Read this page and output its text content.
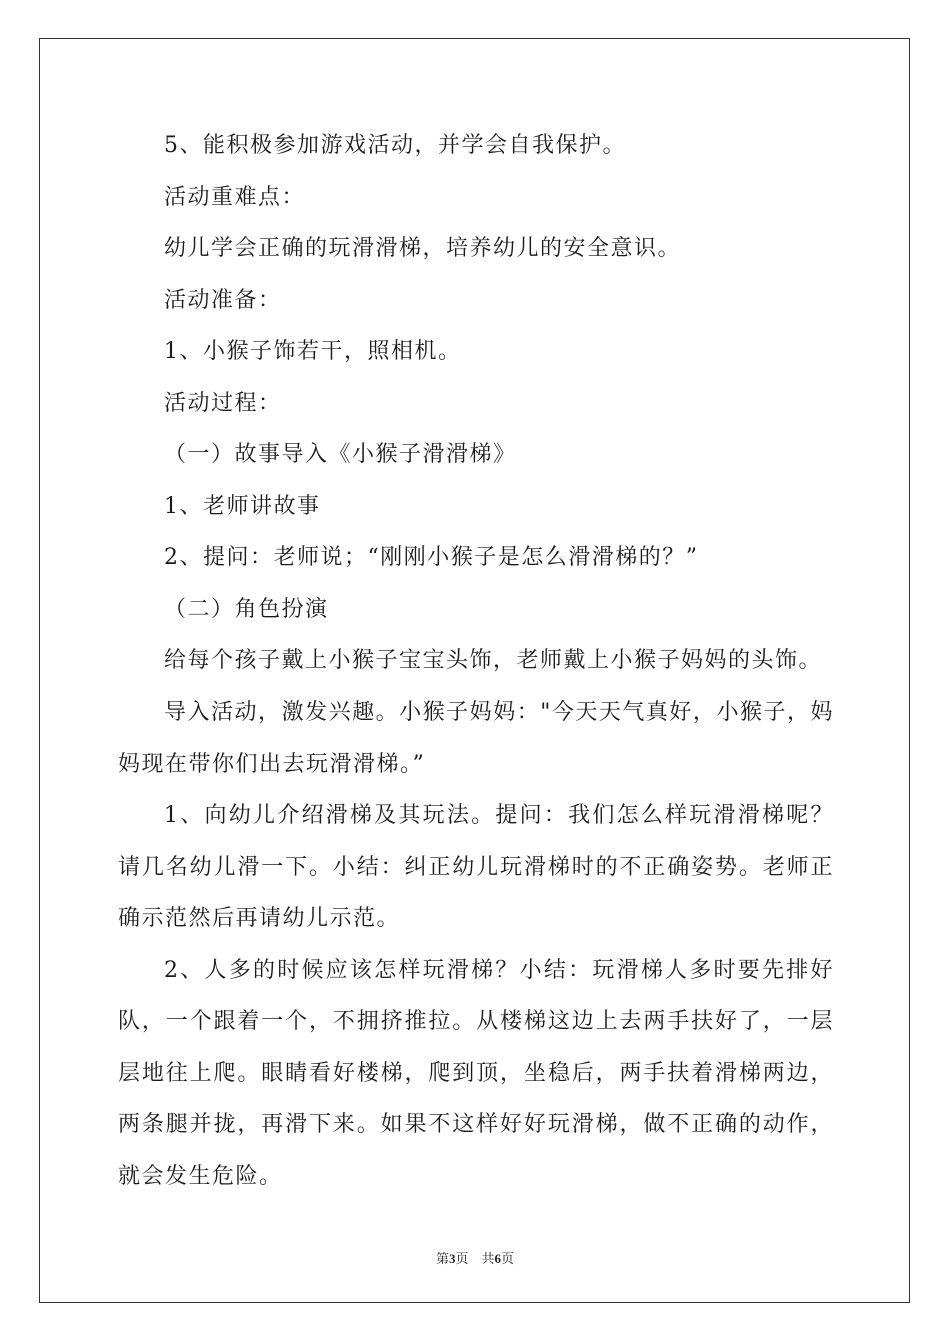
5、能积极参加游戏活动，并学会自我保护。
活动重难点：
幼儿学会正确的玩滑滑梯，培养幼儿的安全意识。
活动准备：
1、小猴子饰若干，照相机。
活动过程：
（一）故事导入《小猴子滑滑梯》
1、老师讲故事
2、提问：老师说；“刚刚小猴子是怎么滑滑梯的？”
（二）角色扮演
给每个孩子戴上小猴子宝宝头饰，老师戴上小猴子妈妈的头饰。

导入活动，激发兴趣。小猴子妈妈："今天天气真好，小猴子，妈妈现在带你们出去玩滑滑梯。”

1、向幼儿介绍滑梯及其玩法。提问：我们怎么样玩滑滑梯呢？请几名幼儿滑一下。小结：纠正幼儿玩滑梯时的不正确姿势。老师正确示范然后再请幼儿示范。

2、人多的时候应该怎样玩滑梯？小结：玩滑梯人多时要先排好队，一个跟着一个，不拥挤推拉。从楼梯这边上去两手扶好了，一层层地往上爬。眼睛看好楼梯，爬到顶，坐稳后，两手扶着滑梯两边，两条腿并拢，再滑下来。如果不这样好好玩滑梯，做不正确的动作，就会发生危险。

第3页　共6页
